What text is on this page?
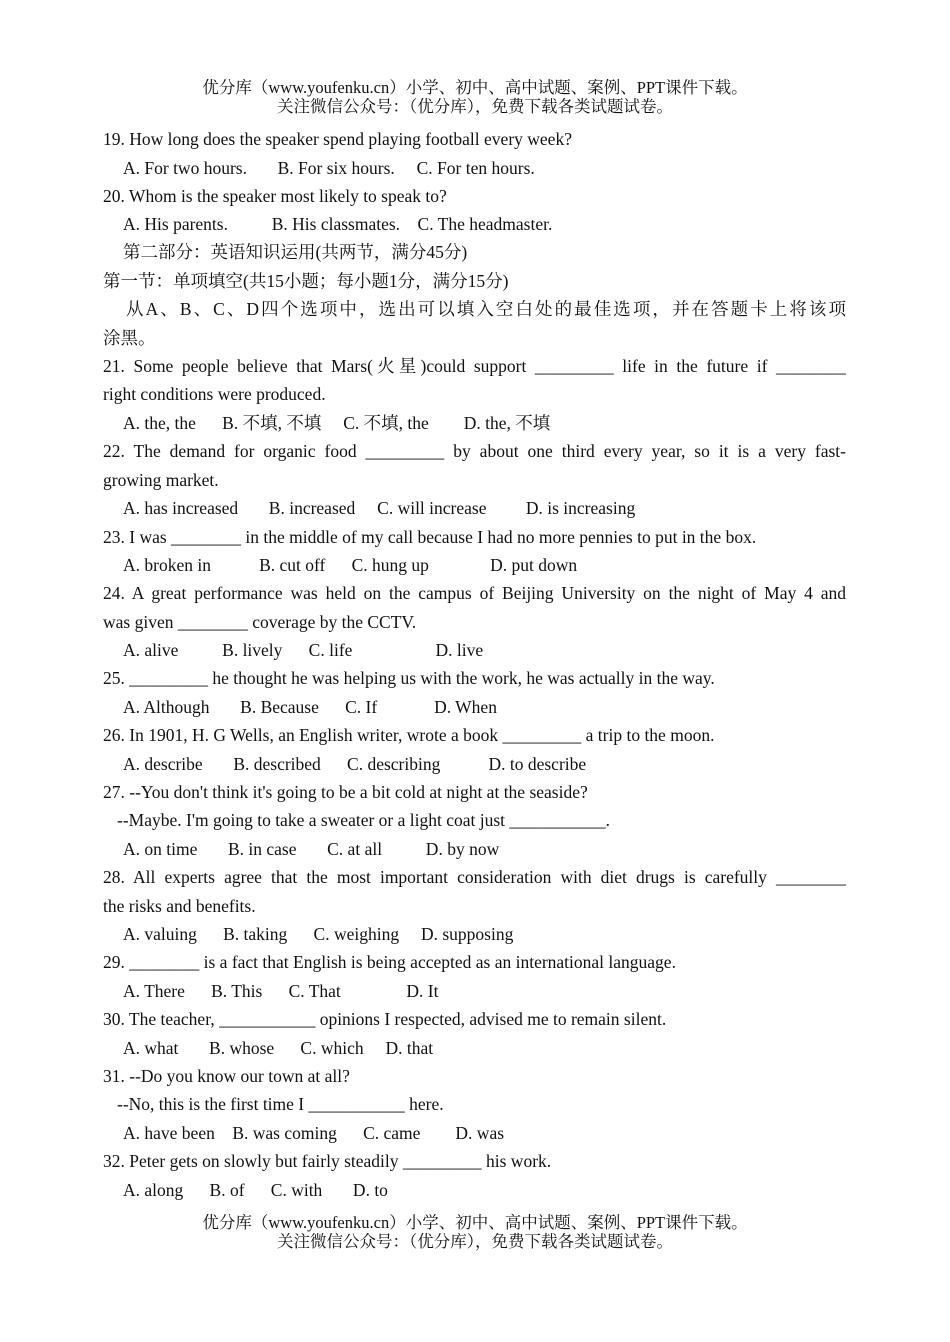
优分库（www.youfenku.cn）小学、初中、高中试题、案例、PPT课件下载。
关注微信公众号：（优分库），免费下载各类试题试卷。
19. How long does the speaker spend playing football every week?
A. For two hours.       B. For six hours.     C. For ten hours.
20. Whom is the speaker most likely to speak to?
A. His parents.          B. His classmates.    C. The headmaster.
第二部分：英语知识运用(共两节，满分45分)
第一节：单项填空(共15小题；每小题1分，满分15分)
从A、B、C、D四个选项中，选出可以填入空白处的最佳选项，并在答题卡上将该项
涂黑。
21. Some people believe that Mars(火星)could support _________ life in the future if ________
right conditions were produced.
A. the, the      B. 不填, 不填     C. 不填, the        D. the, 不填
22. The demand for organic food _________ by about one third every year, so it is a very fast-
growing market.
A. has increased       B. increased     C. will increase         D. is increasing
23. I was ________ in the middle of my call because I had no more pennies to put in the box.
A. broken in           B. cut off      C. hung up              D. put down
24. A great performance was held on the campus of Beijing University on the night of May 4 and
was given ________ coverage by the CCTV.
A. alive          B. lively      C. life                   D. live
25. _________ he thought he was helping us with the work, he was actually in the way.
A. Although       B. Because      C. If             D. When
26. In 1901, H. G Wells, an English writer, wrote a book _________ a trip to the moon.
A. describe       B. described      C. describing           D. to describe
27. --You don't think it's going to be a bit cold at night at the seaside?
--Maybe. I'm going to take a sweater or a light coat just ___________.
A. on time       B. in case       C. at all          D. by now
28. All experts agree that the most important consideration with diet drugs is carefully ________
the risks and benefits.
A. valuing      B. taking      C. weighing     D. supposing
29. ________ is a fact that English is being accepted as an international language.
A. There      B. This      C. That               D. It
30. The teacher, ___________ opinions I respected, advised me to remain silent.
A. what       B. whose      C. which     D. that
31. --Do you know our town at all?
--No, this is the first time I ___________ here.
A. have been    B. was coming      C. came        D. was
32. Peter gets on slowly but fairly steadily _________ his work.
A. along      B. of      C. with       D. to
优分库（www.youfenku.cn）小学、初中、高中试题、案例、PPT课件下载。
关注微信公众号：（优分库），免费下载各类试题试卷。
